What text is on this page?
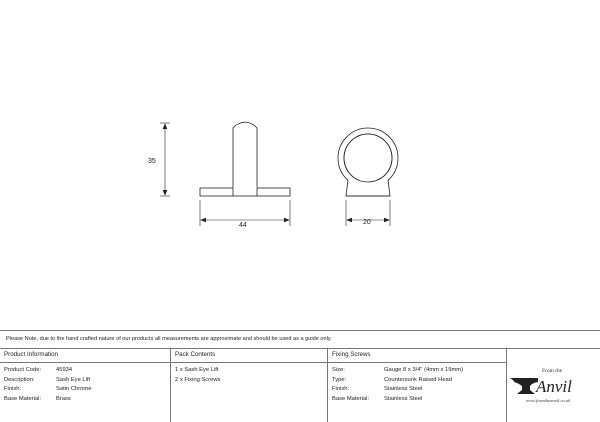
35
44	20
Please Note, due to the hand crafted nature of our products all measurements are approximate and should be used as a guide only.
Product Information
Product Code:	45934
Description:	Sash Eye Lift
Finish:	Satin Chrome
Base Material:	Brass
Pack Contents
1 x Sash Eye Lift
2 x Fixing Screws
Fixing Screws
Size:	Gauge 8 x 3/4" (4mm x 19mm)
Type:	Countersunk Raised Head
Finish:	Stainless Steel
Base Material:	Stainless Steel
From the
Anvil
www.fromtheanvil.co.uk
